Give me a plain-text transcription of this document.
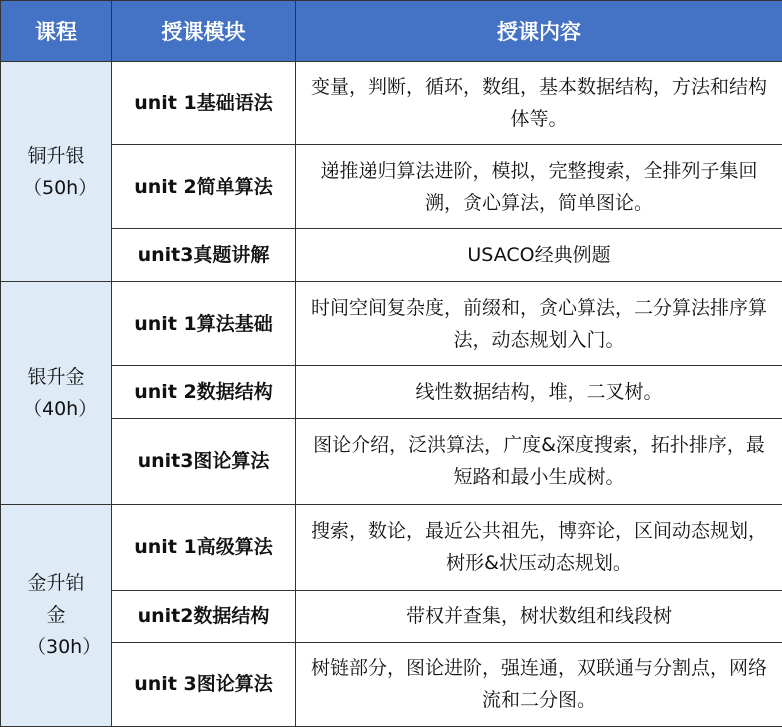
课程	授课模块	授课内容

铜升银（50h）	unit 1基础语法	变量，判断，循环，数组，基本数据结构，方法和结构体等。
	unit 2简单算法	递推递归算法进阶，模拟，完整搜索，全排列子集回溯，贪心算法，简单图论。
	unit3真题讲解	USACO经典例题

银升金（40h）	unit 1算法基础	时间空间复杂度，前缀和，贪心算法，二分算法排序算法，动态规划入门。
	unit 2数据结构	线性数据结构，堆，二叉树。
	unit3图论算法	图论介绍，泛洪算法，广度&深度搜索，拓扑排序，最短路和最小生成树。

金升铂金（30h）	unit 1高级算法	搜索，数论，最近公共祖先，博弈论，区间动态规划，树形&状压动态规划。
	unit2数据结构	带权并查集，树状数组和线段树
	unit 3图论算法	树链部分，图论进阶，强连通，双联通与分割点，网络流和二分图。
